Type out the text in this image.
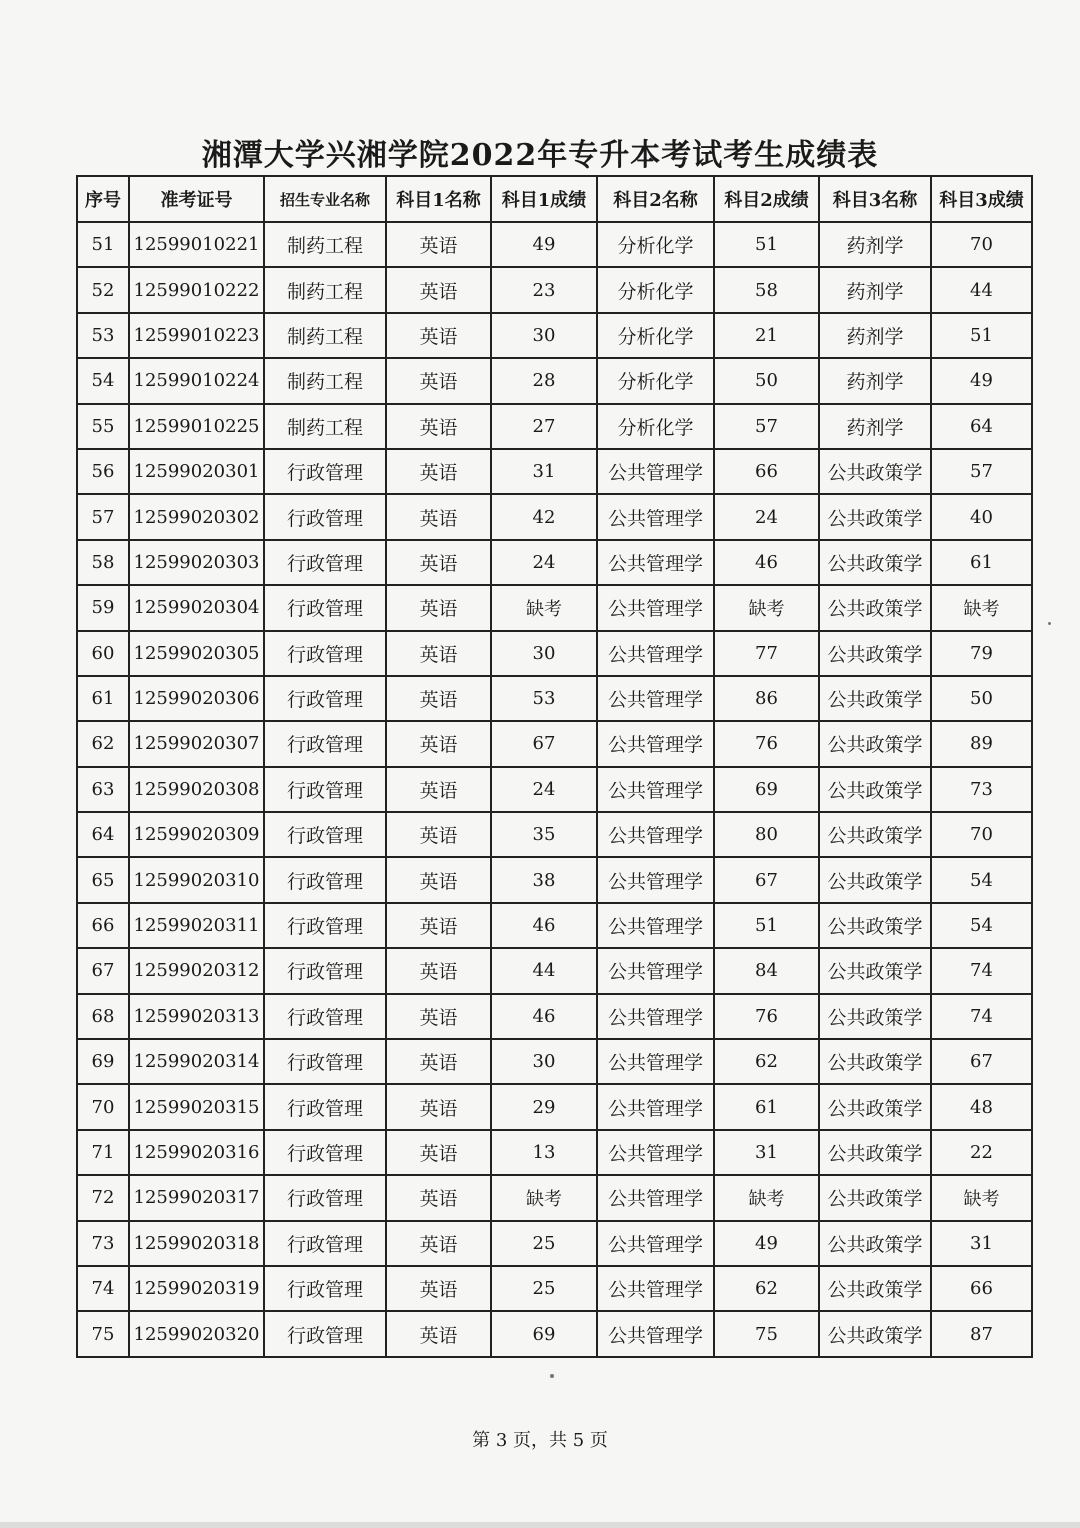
湘潭大学兴湘学院2022年专升本考试考生成绩表
序号	准考证号	招生专业名称	科目1名称	科目1成绩	科目2名称	科目2成绩	科目3名称	科目3成绩
51	12599010221	制药工程	英语	49	分析化学	51	药剂学	70
52	12599010222	制药工程	英语	23	分析化学	58	药剂学	44
53	12599010223	制药工程	英语	30	分析化学	21	药剂学	51
54	12599010224	制药工程	英语	28	分析化学	50	药剂学	49
55	12599010225	制药工程	英语	27	分析化学	57	药剂学	64
56	12599020301	行政管理	英语	31	公共管理学	66	公共政策学	57
57	12599020302	行政管理	英语	42	公共管理学	24	公共政策学	40
58	12599020303	行政管理	英语	24	公共管理学	46	公共政策学	61
59	12599020304	行政管理	英语	缺考	公共管理学	缺考	公共政策学	缺考
60	12599020305	行政管理	英语	30	公共管理学	77	公共政策学	79
61	12599020306	行政管理	英语	53	公共管理学	86	公共政策学	50
62	12599020307	行政管理	英语	67	公共管理学	76	公共政策学	89
63	12599020308	行政管理	英语	24	公共管理学	69	公共政策学	73
64	12599020309	行政管理	英语	35	公共管理学	80	公共政策学	70
65	12599020310	行政管理	英语	38	公共管理学	67	公共政策学	54
66	12599020311	行政管理	英语	46	公共管理学	51	公共政策学	54
67	12599020312	行政管理	英语	44	公共管理学	84	公共政策学	74
68	12599020313	行政管理	英语	46	公共管理学	76	公共政策学	74
69	12599020314	行政管理	英语	30	公共管理学	62	公共政策学	67
70	12599020315	行政管理	英语	29	公共管理学	61	公共政策学	48
71	12599020316	行政管理	英语	13	公共管理学	31	公共政策学	22
72	12599020317	行政管理	英语	缺考	公共管理学	缺考	公共政策学	缺考
73	12599020318	行政管理	英语	25	公共管理学	49	公共政策学	31
74	12599020319	行政管理	英语	25	公共管理学	62	公共政策学	66
75	12599020320	行政管理	英语	69	公共管理学	75	公共政策学	87
第 3 页，共 5 页
